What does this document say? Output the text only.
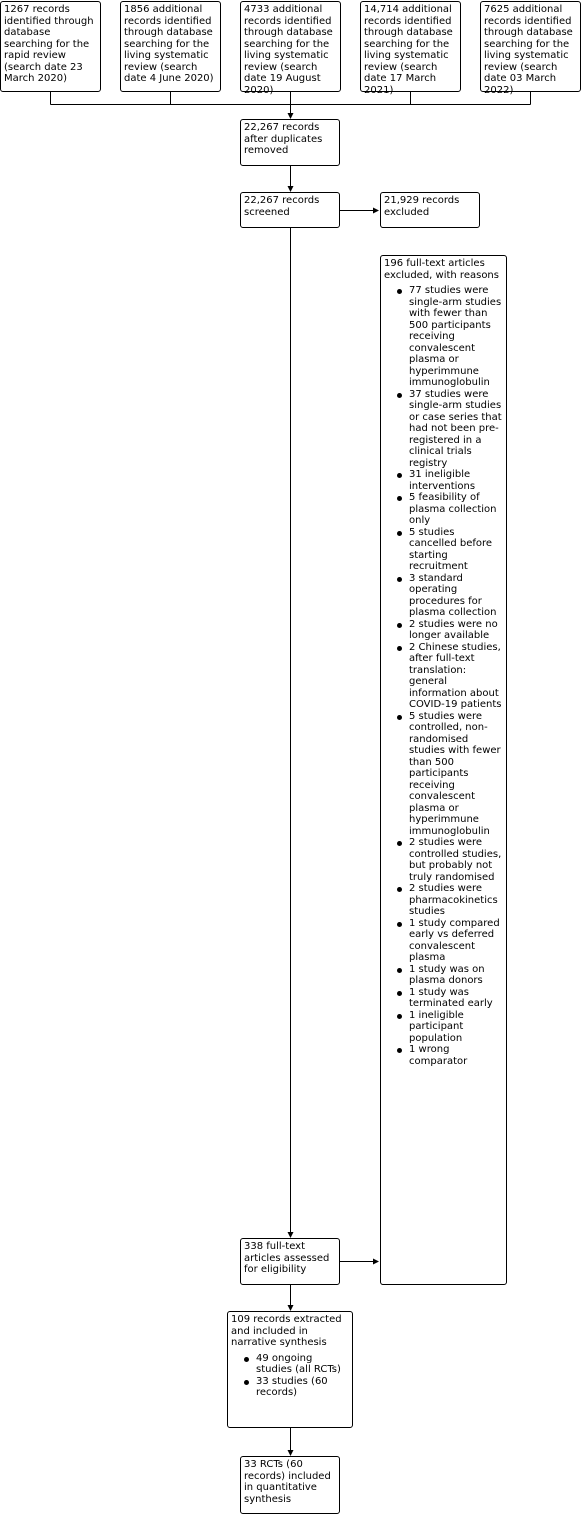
1267 records identified through database searching for the rapid review (search date 23 March 2020)
1856 additional records identified through database searching for the living systematic review (search date 4 June 2020)
4733 additional records identified through database searching for the living systematic review (search date 19 August 2020)
14,714 additional records identified through database searching for the living systematic review (search date 17 March 2021)
7625 additional records identified through database searching for the living systematic review (search date 03 March 2022)
22,267 records after duplicates removed
22,267 records screened
21,929 records excluded
196 full-text articles excluded, with reasons
77 studies were single-arm studies with fewer than 500 participants receiving convalescent plasma or hyperimmune immunoglobulin
37 studies were single-arm studies or case series that had not been pre-registered in a clinical trials registry
31 ineligible interventions
5 feasibility of plasma collection only
5 studies cancelled before starting recruitment
3 standard operating procedures for plasma collection
2 studies were no longer available
2 Chinese studies, after full-text translation: general information about COVID-19 patients
5 studies were controlled, non-randomised studies with fewer than 500 participants receiving convalescent plasma or hyperimmune immunoglobulin
2 studies were controlled studies, but probably not truly randomised
2 studies were pharmacokinetics studies
1 study compared early vs deferred convalescent plasma
1 study was on plasma donors
1 study was terminated early
1 ineligible participant population
1 wrong comparator
338 full-text articles assessed for eligibility
109 records extracted and included in narrative synthesis
49 ongoing studies (all RCTs)
33 studies (60 records)
33 RCTs (60 records) included in quantitative synthesis
